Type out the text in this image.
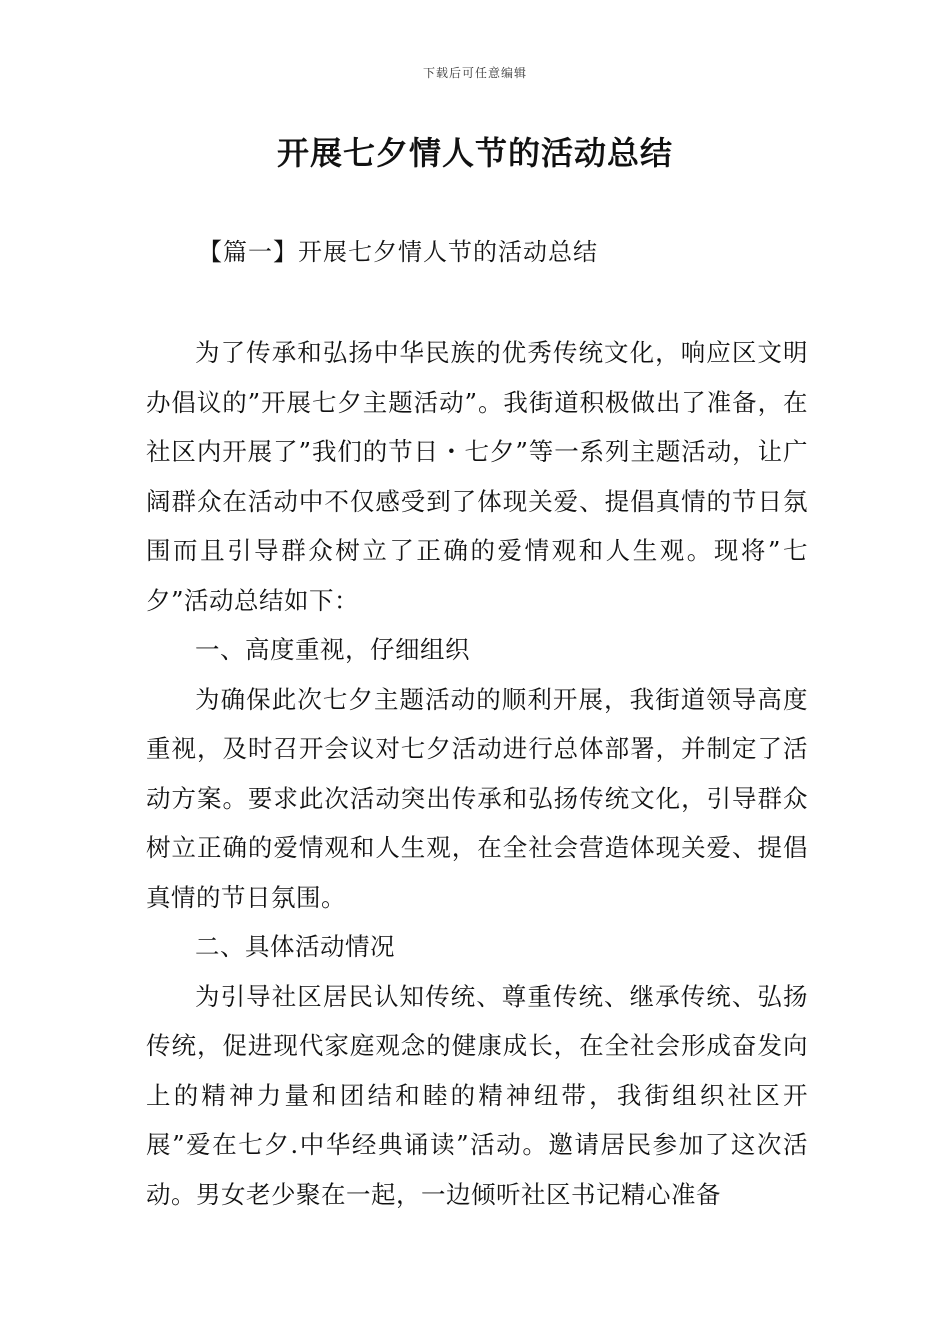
下载后可任意编辑
开展七夕情人节的活动总结
【篇一】开展七夕情人节的活动总结

为了传承和弘扬中华民族的优秀传统文化，响应区文明办倡议的”开展七夕主题活动”。我街道积极做出了准备，在社区内开展了”我们的节日・七夕”等一系列主题活动，让广阔群众在活动中不仅感受到了体现关爱、提倡真情的节日氛围而且引导群众树立了正确的爱情观和人生观。现将”七夕”活动总结如下：

一、高度重视，仔细组织

为确保此次七夕主题活动的顺利开展，我街道领导高度重视，及时召开会议对七夕活动进行总体部署，并制定了活动方案。要求此次活动突出传承和弘扬传统文化，引导群众树立正确的爱情观和人生观，在全社会营造体现关爱、提倡真情的节日氛围。

二、具体活动情况

为引导社区居民认知传统、尊重传统、继承传统、弘扬传统，促进现代家庭观念的健康成长，在全社会形成奋发向上的精神力量和团结和睦的精神纽带，我街组织社区开展”爱在七夕.中华经典诵读”活动。邀请居民参加了这次活动。男女老少聚在一起，一边倾听社区书记精心准备
